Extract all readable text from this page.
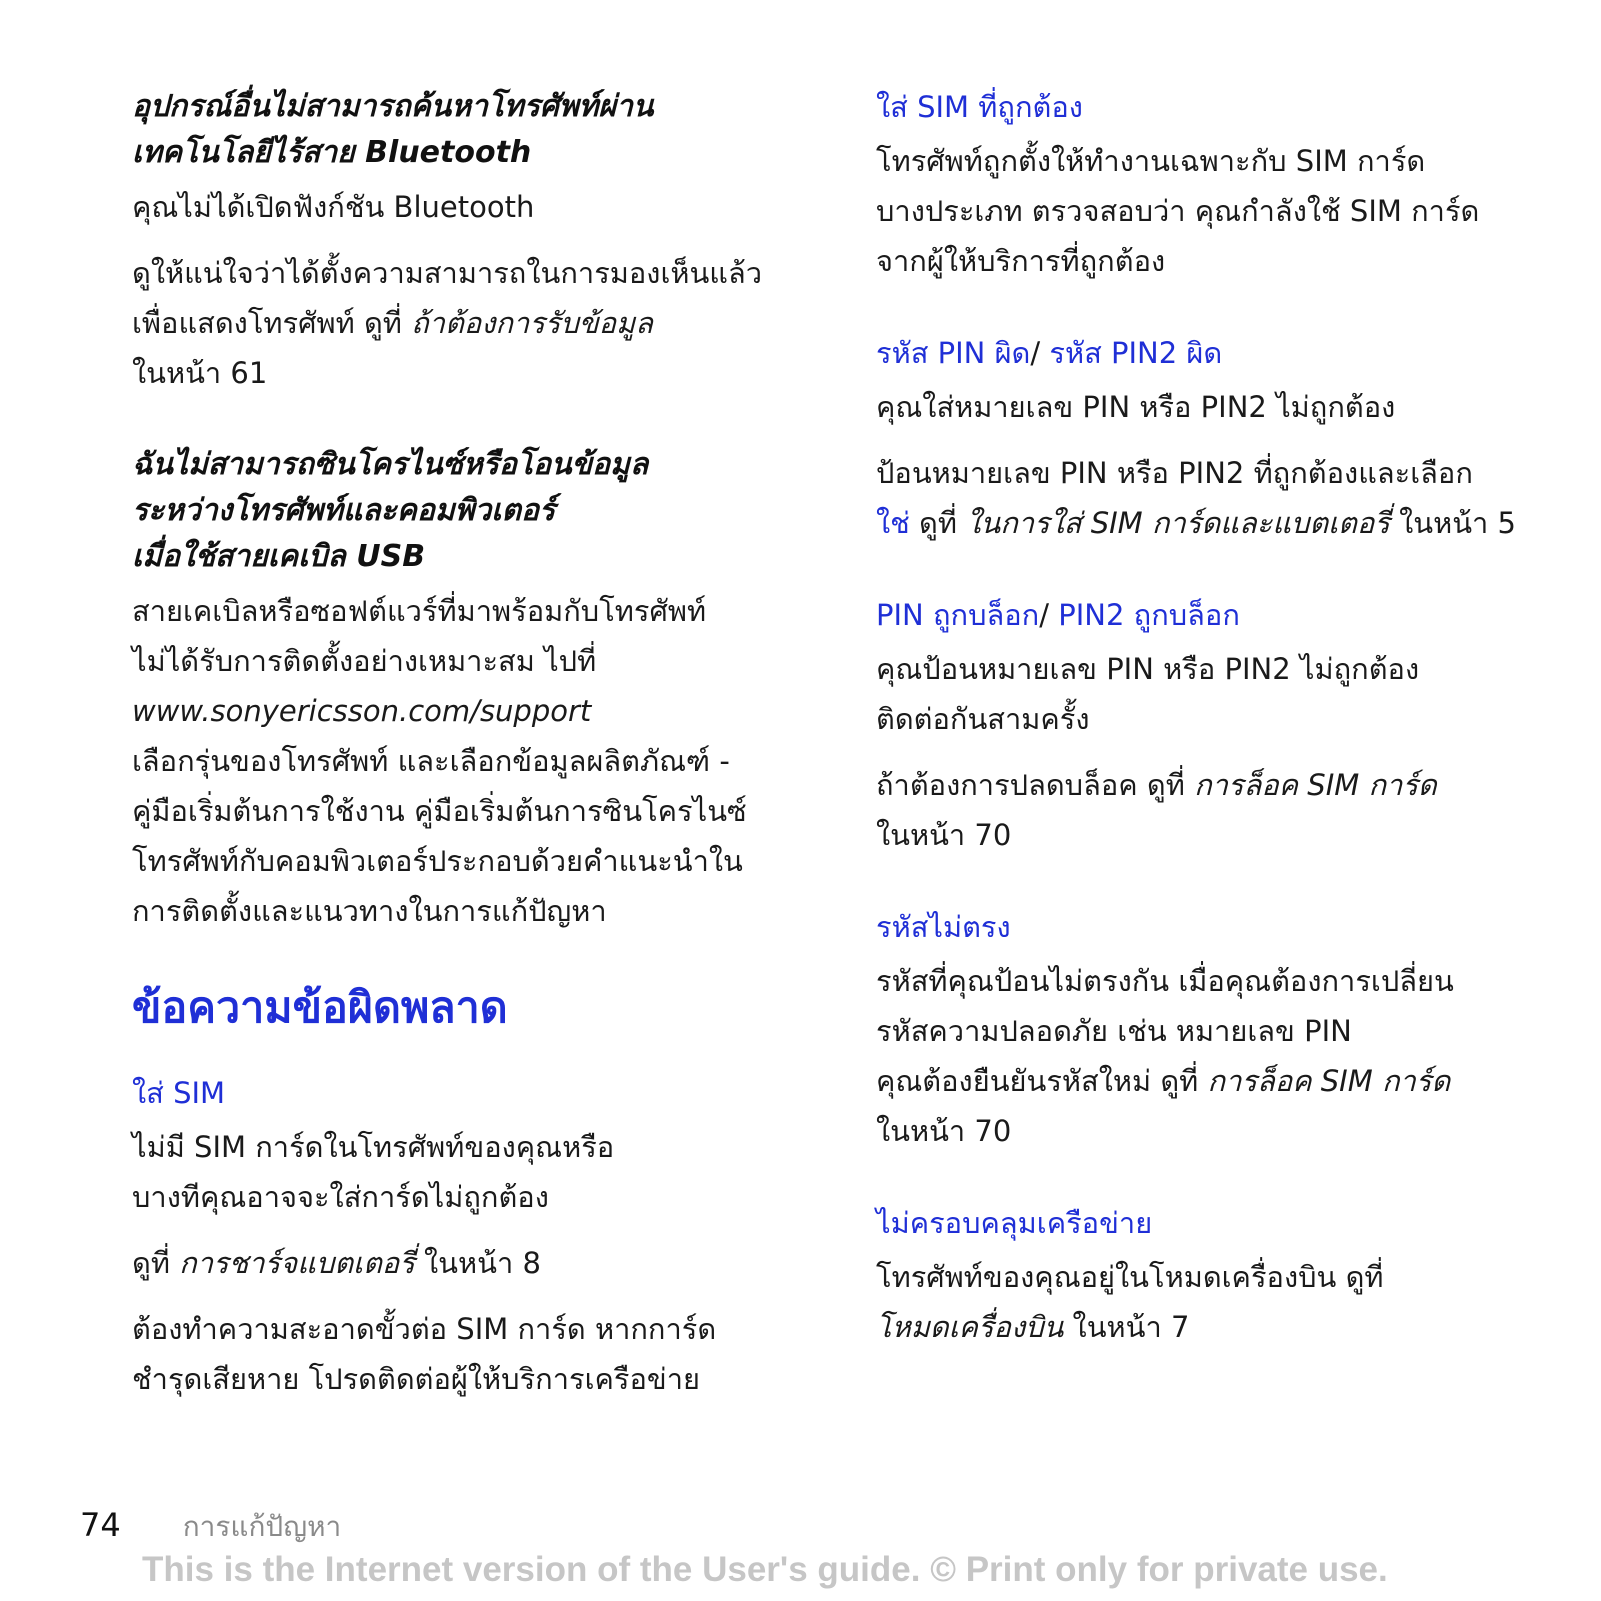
อุปกรณ์อื่นไม่สามารถค้นหาโทรศัพท์ผ่าน
เทคโนโลยีไร้สาย Bluetooth

คุณไม่ได้เปิดฟังก์ชัน Bluetooth

ดูให้แน่ใจว่าได้ตั้งความสามารถในการมองเห็นแล้ว
เพื่อแสดงโทรศัพท์ ดูที่ ถ้าต้องการรับข้อมูล
ในหน้า 61

ฉันไม่สามารถซินโครไนซ์หรือโอนข้อมูล
ระหว่างโทรศัพท์และคอมพิวเตอร์
เมื่อใช้สายเคเบิล USB

สายเคเบิลหรือซอฟต์แวร์ที่มาพร้อมกับโทรศัพท์
ไม่ได้รับการติดตั้งอย่างเหมาะสม ไปที่
www.sonyericsson.com/support
เลือกรุ่นของโทรศัพท์ และเลือกข้อมูลผลิตภัณฑ์ -
คู่มือเริ่มต้นการใช้งาน คู่มือเริ่มต้นการซินโครไนซ์
โทรศัพท์กับคอมพิวเตอร์ประกอบด้วยคำแนะนำใน
การติดตั้งและแนวทางในการแก้ปัญหา

ข้อความข้อผิดพลาด
ใส่ SIM

ไม่มี SIM การ์ดในโทรศัพท์ของคุณหรือ
บางทีคุณอาจจะใส่การ์ดไม่ถูกต้อง

ดูที่ การชาร์จแบตเตอรี่ ในหน้า 8

ต้องทำความสะอาดขั้วต่อ SIM การ์ด หากการ์ด
ชำรุดเสียหาย โปรดติดต่อผู้ให้บริการเครือข่าย

ใส่ SIM ที่ถูกต้อง

โทรศัพท์ถูกตั้งให้ทำงานเฉพาะกับ SIM การ์ด
บางประเภท ตรวจสอบว่า คุณกำลังใช้ SIM การ์ด
จากผู้ให้บริการที่ถูกต้อง

รหัส PIN ผิด/ รหัส PIN2 ผิด

คุณใส่หมายเลข PIN หรือ PIN2 ไม่ถูกต้อง

ป้อนหมายเลข PIN หรือ PIN2 ที่ถูกต้องและเลือก
ใช่ ดูที่ ในการใส่ SIM การ์ดและแบตเตอรี่ ในหน้า 5

PIN ถูกบล็อก/ PIN2 ถูกบล็อก

คุณป้อนหมายเลข PIN หรือ PIN2 ไม่ถูกต้อง
ติดต่อกันสามครั้ง

ถ้าต้องการปลดบล็อค ดูที่ การล็อค SIM การ์ด
ในหน้า 70

รหัสไม่ตรง

รหัสที่คุณป้อนไม่ตรงกัน เมื่อคุณต้องการเปลี่ยน
รหัสความปลอดภัย เช่น หมายเลข PIN
คุณต้องยืนยันรหัสใหม่ ดูที่ การล็อค SIM การ์ด
ในหน้า 70

ไม่ครอบคลุมเครือข่าย

โทรศัพท์ของคุณอยู่ในโหมดเครื่องบิน ดูที่
โหมดเครื่องบิน ในหน้า 7

74 การแก้ปัญหา
This is the Internet version of the User's guide. © Print only for private use.
